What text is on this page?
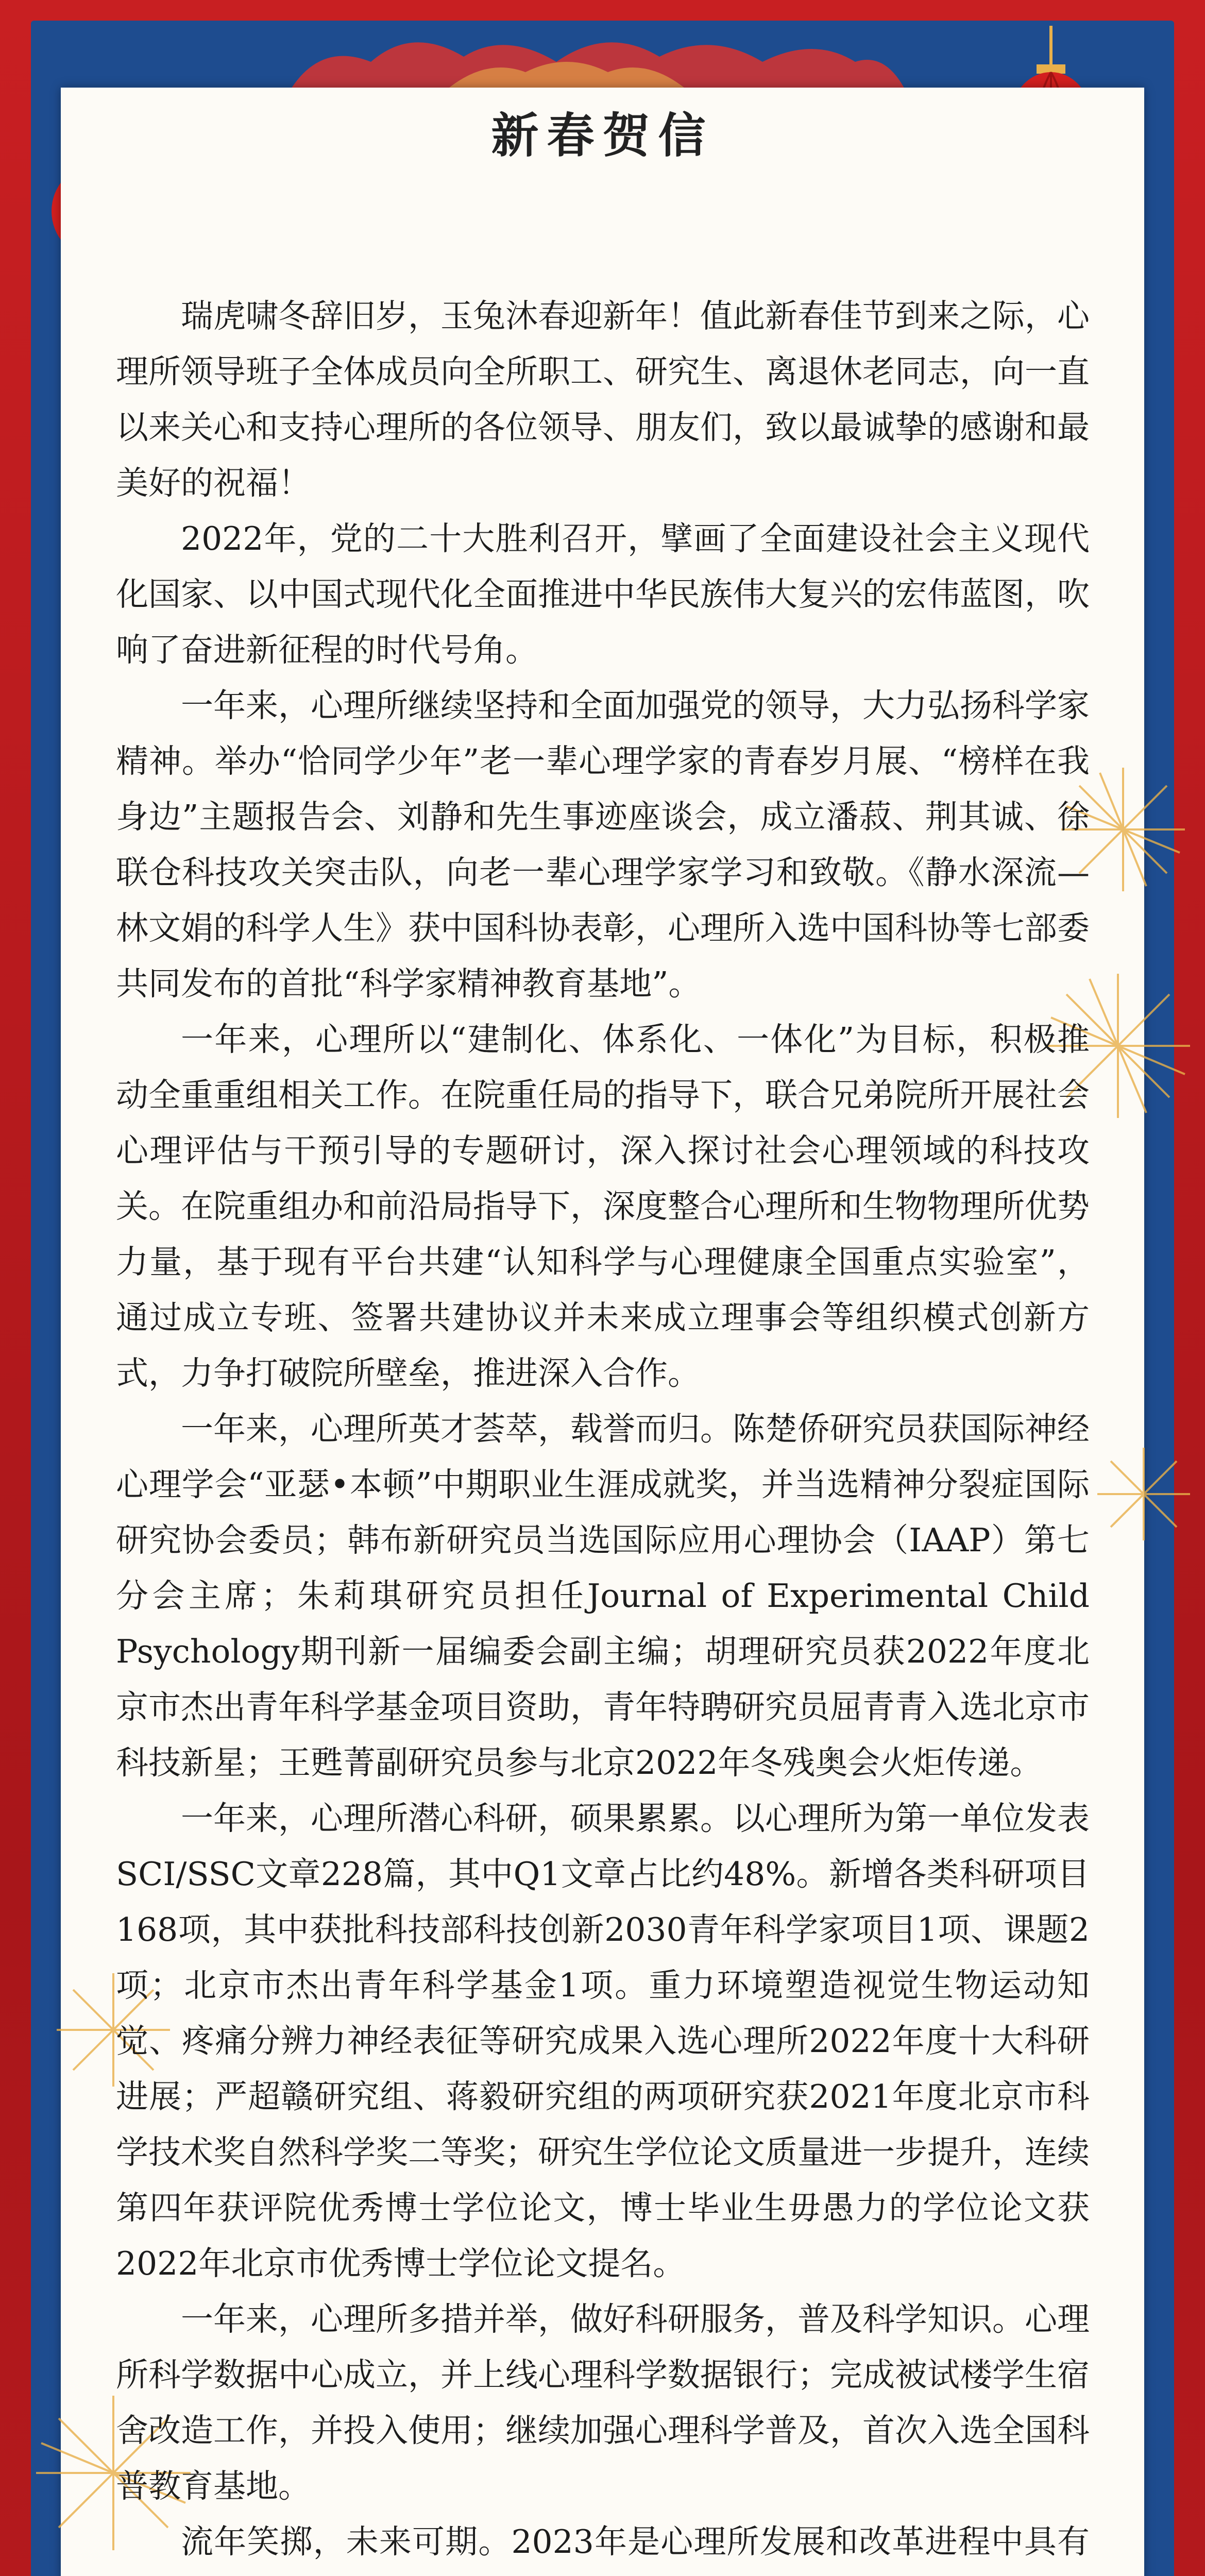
新春贺信

瑞虎啸冬辞旧岁，玉兔沐春迎新年！值此新春佳节到来之际，心理所领导班子全体成员向全所职工、研究生、离退休老同志，向一直以来关心和支持心理所的各位领导、朋友们，致以最诚挚的感谢和最美好的祝福！

2022年，党的二十大胜利召开，擘画了全面建设社会主义现代化国家、以中国式现代化全面推进中华民族伟大复兴的宏伟蓝图，吹响了奋进新征程的时代号角。

一年来，心理所继续坚持和全面加强党的领导，大力弘扬科学家精神。举办“恰同学少年”老一辈心理学家的青春岁月展、“榜样在我身边”主题报告会、刘静和先生事迹座谈会，成立潘菽、荆其诚、徐联仓科技攻关突击队，向老一辈心理学家学习和致敬。《静水深流—林文娟的科学人生》获中国科协表彰，心理所入选中国科协等七部委共同发布的首批“科学家精神教育基地”。

一年来，心理所以“建制化、体系化、一体化”为目标，积极推动全重重组相关工作。在院重任局的指导下，联合兄弟院所开展社会心理评估与干预引导的专题研讨，深入探讨社会心理领域的科技攻关。在院重组办和前沿局指导下，深度整合心理所和生物物理所优势力量，基于现有平台共建“认知科学与心理健康全国重点实验室”，通过成立专班、签署共建协议并未来成立理事会等组织模式创新方式，力争打破院所壁垒，推进深入合作。

一年来，心理所英才荟萃，载誉而归。陈楚侨研究员获国际神经心理学会“亚瑟•本顿”中期职业生涯成就奖，并当选精神分裂症国际研究协会委员；韩布新研究员当选国际应用心理协会（IAAP）第七分会主席；朱莉琪研究员担任Journal of Experimental Child Psychology期刊新一届编委会副主编；胡理研究员获2022年度北京市杰出青年科学基金项目资助，青年特聘研究员屈青青入选北京市科技新星；王甦菁副研究员参与北京2022年冬残奥会火炬传递。

一年来，心理所潜心科研，硕果累累。以心理所为第一单位发表SCI/SSC文章228篇，其中Q1文章占比约48%。新增各类科研项目168项，其中获批科技部科技创新2030青年科学家项目1项、课题2项；北京市杰出青年科学基金1项。重力环境塑造视觉生物运动知觉、疼痛分辨力神经表征等研究成果入选心理所2022年度十大科研进展；严超赣研究组、蒋毅研究组的两项研究获2021年度北京市科学技术奖自然科学奖二等奖；研究生学位论文质量进一步提升，连续第四年获评院优秀博士学位论文，博士毕业生毋愚力的学位论文获2022年北京市优秀博士学位论文提名。

一年来，心理所多措并举，做好科研服务，普及科学知识。心理所科学数据中心成立，并上线心理科学数据银行；完成被试楼学生宿舍改造工作，并投入使用；继续加强心理科学普及，首次入选全国科普教育基地。

流年笑掷，未来可期。2023年是心理所发展和改革进程中具有
